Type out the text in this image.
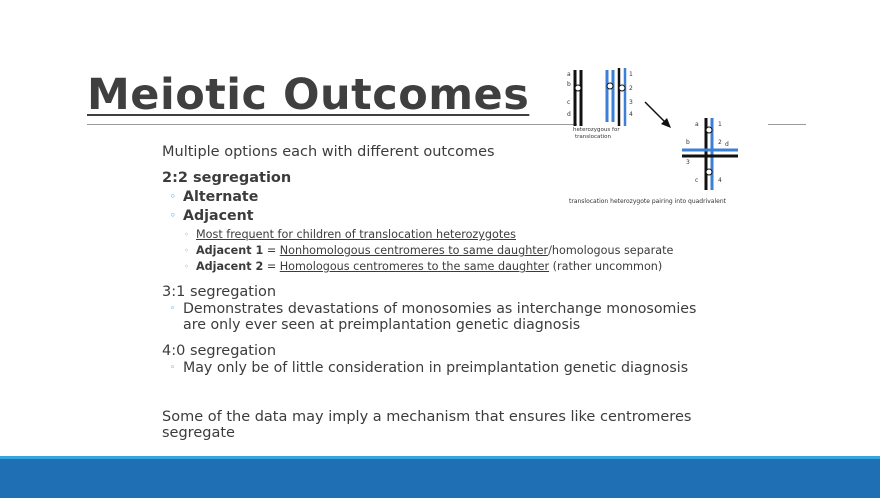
Meiotic Outcomes

Multiple options each with different outcomes

2:2 segregation

◦ Alternate
◦ Adjacent
◦ Most frequent for children of translocation heterozygotes
◦ Adjacent 1 = Nonhomologous centromeres to same daughter/homologous separate
◦ Adjacent 2 = Homologous centromeres to the same daughter (rather uncommon)

3:1 segregation

◦ Demonstrates devastations of monosomies as interchange monosomies are only ever seen at preimplantation genetic diagnosis

4:0 segregation

◦ May only be of little consideration in preimplantation genetic diagnosis

Some of the data may imply a mechanism that ensures like centromeres segregate

a
b
c
d
1
2
3
4
heterozygous for
translocation
1
2
3
4
a
d
c
b
translocation heterozygote pairing into quadrivalent
